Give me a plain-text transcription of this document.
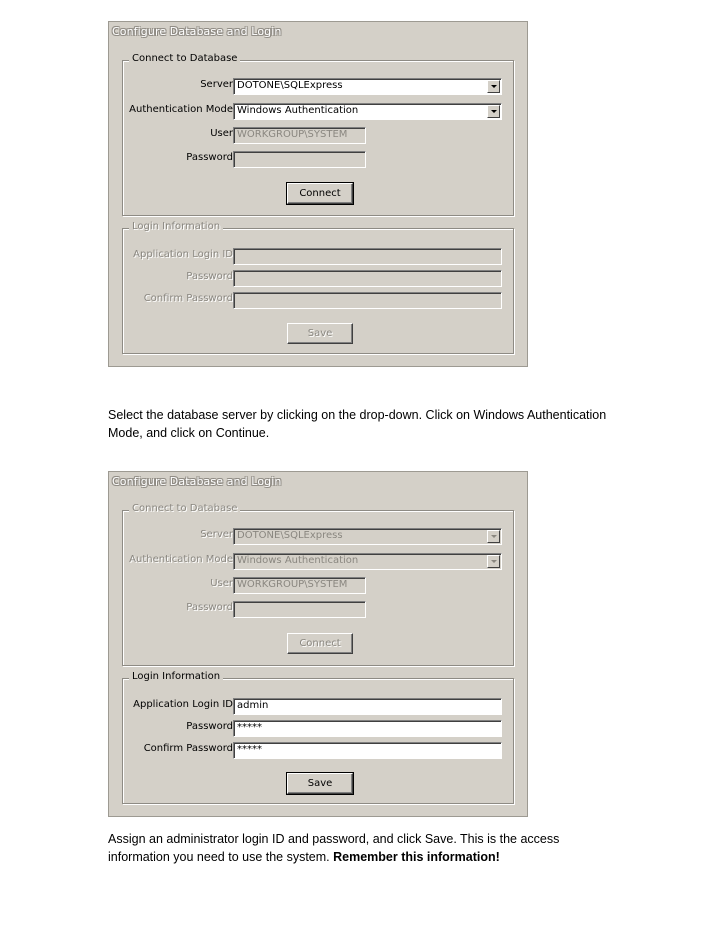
Configure Database and Login
Connect to Database
Server DOTONE\SQLExpress
Authentication Mode Windows Authentication
User WORKGROUP\SYSTEM
Password
Connect
Login Information
Application Login ID
Password
Confirm Password
Save
Select the database server by clicking on the drop-down. Click on Windows Authentication Mode, and click on Continue.
Configure Database and Login
Connect to Database
Server DOTONE\SQLExpress
Authentication Mode Windows Authentication
User WORKGROUP\SYSTEM
Password
Connect
Login Information
Application Login ID admin
Password *****
Confirm Password *****
Save
Assign an administrator login ID and password, and click Save. This is the access information you need to use the system. Remember this information!
